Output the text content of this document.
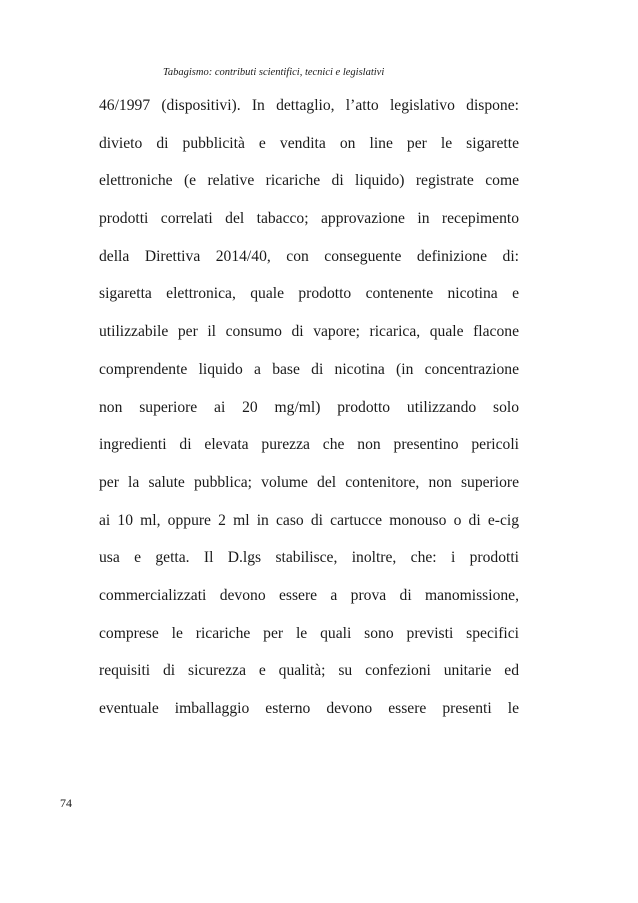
Tabagismo: contributi scientifici, tecnici e legislativi
46/1997 (dispositivi). In dettaglio, l’atto legislativo dispone:
divieto di pubblicità e vendita on line per le sigarette
elettroniche (e relative ricariche di liquido) registrate come
prodotti correlati del tabacco; approvazione in recepimento
della Direttiva 2014/40, con conseguente definizione di:
sigaretta elettronica, quale prodotto contenente nicotina e
utilizzabile per il consumo di vapore; ricarica, quale flacone
comprendente liquido a base di nicotina (in concentrazione
non superiore ai 20 mg/ml) prodotto utilizzando solo
ingredienti di elevata purezza che non presentino pericoli
per la salute pubblica; volume del contenitore, non superiore
ai 10 ml, oppure 2 ml in caso di cartucce monouso o di e-cig
usa e getta. Il D.lgs stabilisce, inoltre, che: i prodotti
commercializzati devono essere a prova di manomissione,
comprese le ricariche per le quali sono previsti specifici
requisiti di sicurezza e qualità; su confezioni unitarie ed
eventuale imballaggio esterno devono essere presenti le
74
